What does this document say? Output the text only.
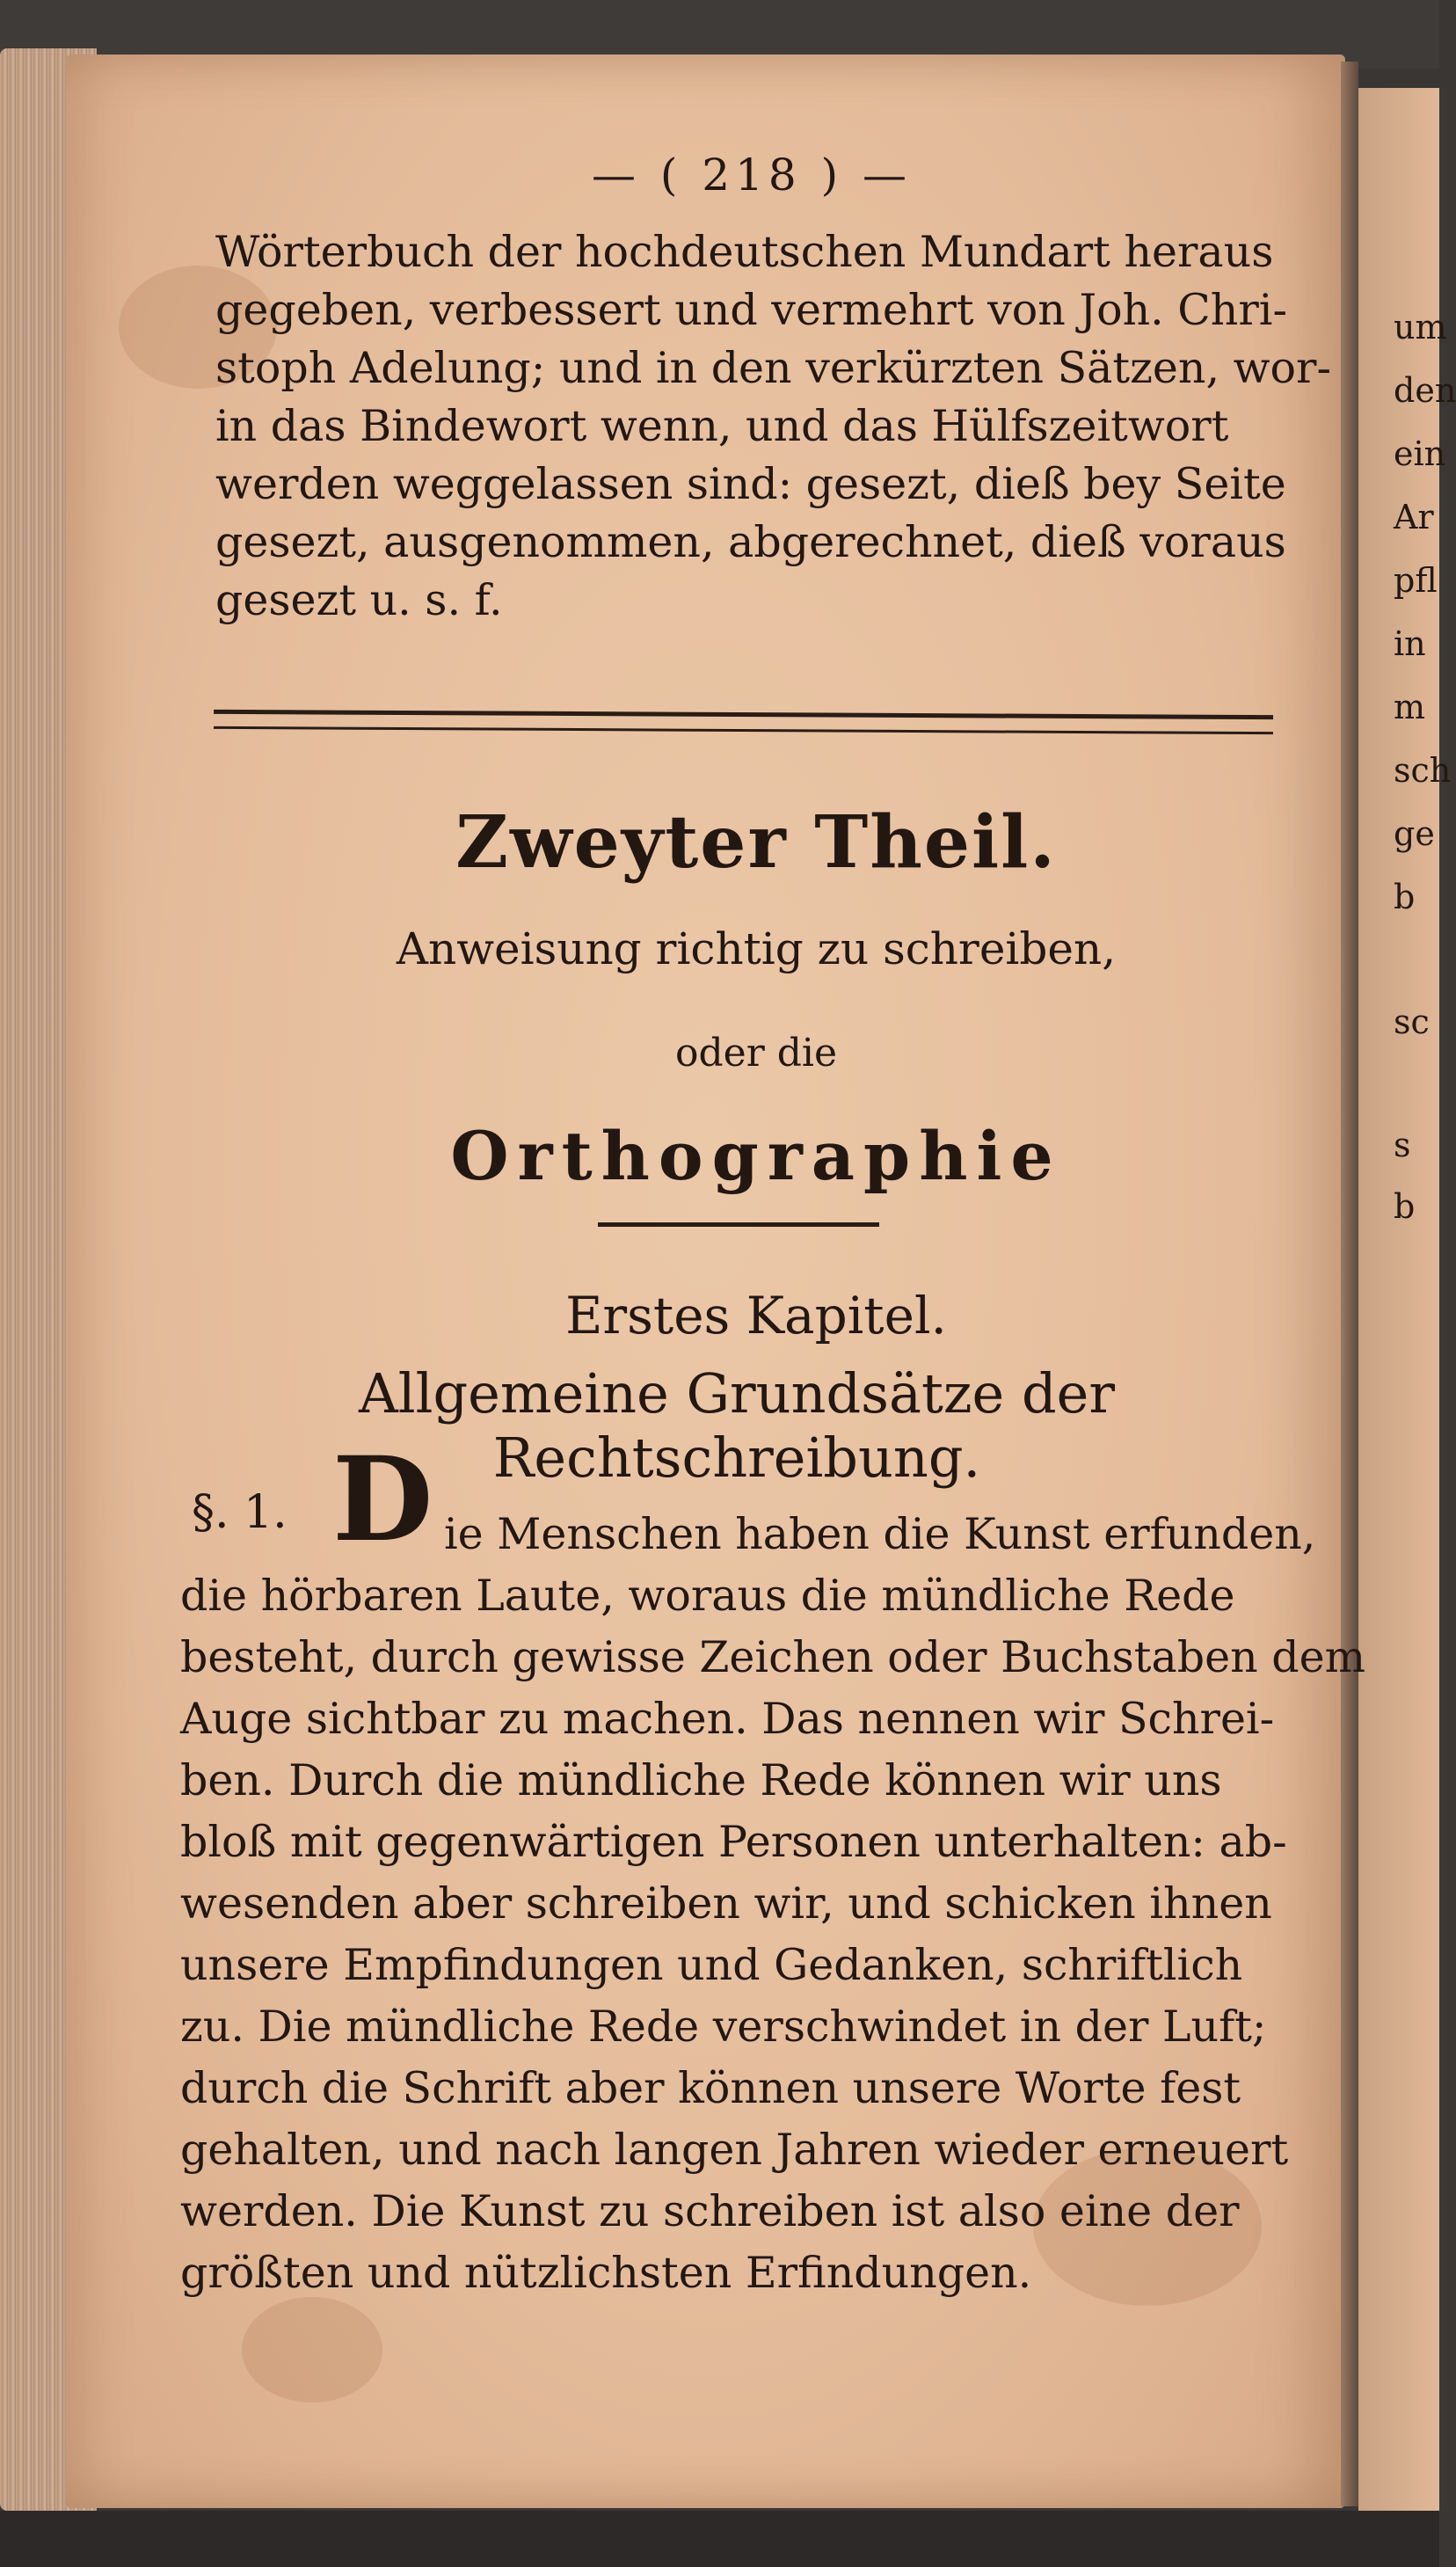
um
den
ein
Ar
pfl
in
m
sch
ge
b
sc
s
b
— ( 218 ) —
Wörterbuch der hochdeutschen Mundart heraus
gegeben, verbessert und vermehrt von Joh. Chri-
stoph Adelung; und in den verkürzten Sätzen, wor-
in das Bindewort wenn, und das Hülfszeitwort
werden weggelassen sind: gesezt, dieß bey Seite
gesezt, ausgenommen, abgerechnet, dieß voraus
gesezt u. s. f.
Zweyter Theil.
Anweisung richtig zu schreiben,
oder die
Orthographie
Erstes Kapitel.
Allgemeine Grundsätze der Rechtschreibung.
§. 1. D ie Menschen haben die Kunst erfunden,
die hörbaren Laute, woraus die mündliche Rede
besteht, durch gewisse Zeichen oder Buchstaben dem
Auge sichtbar zu machen. Das nennen wir Schrei-
ben. Durch die mündliche Rede können wir uns
bloß mit gegenwärtigen Personen unterhalten: ab-
wesenden aber schreiben wir, und schicken ihnen
unsere Empfindungen und Gedanken, schriftlich
zu. Die mündliche Rede verschwindet in der Luft;
durch die Schrift aber können unsere Worte fest
gehalten, und nach langen Jahren wieder erneuert
werden. Die Kunst zu schreiben ist also eine der
größten und nützlichsten Erfindungen.
